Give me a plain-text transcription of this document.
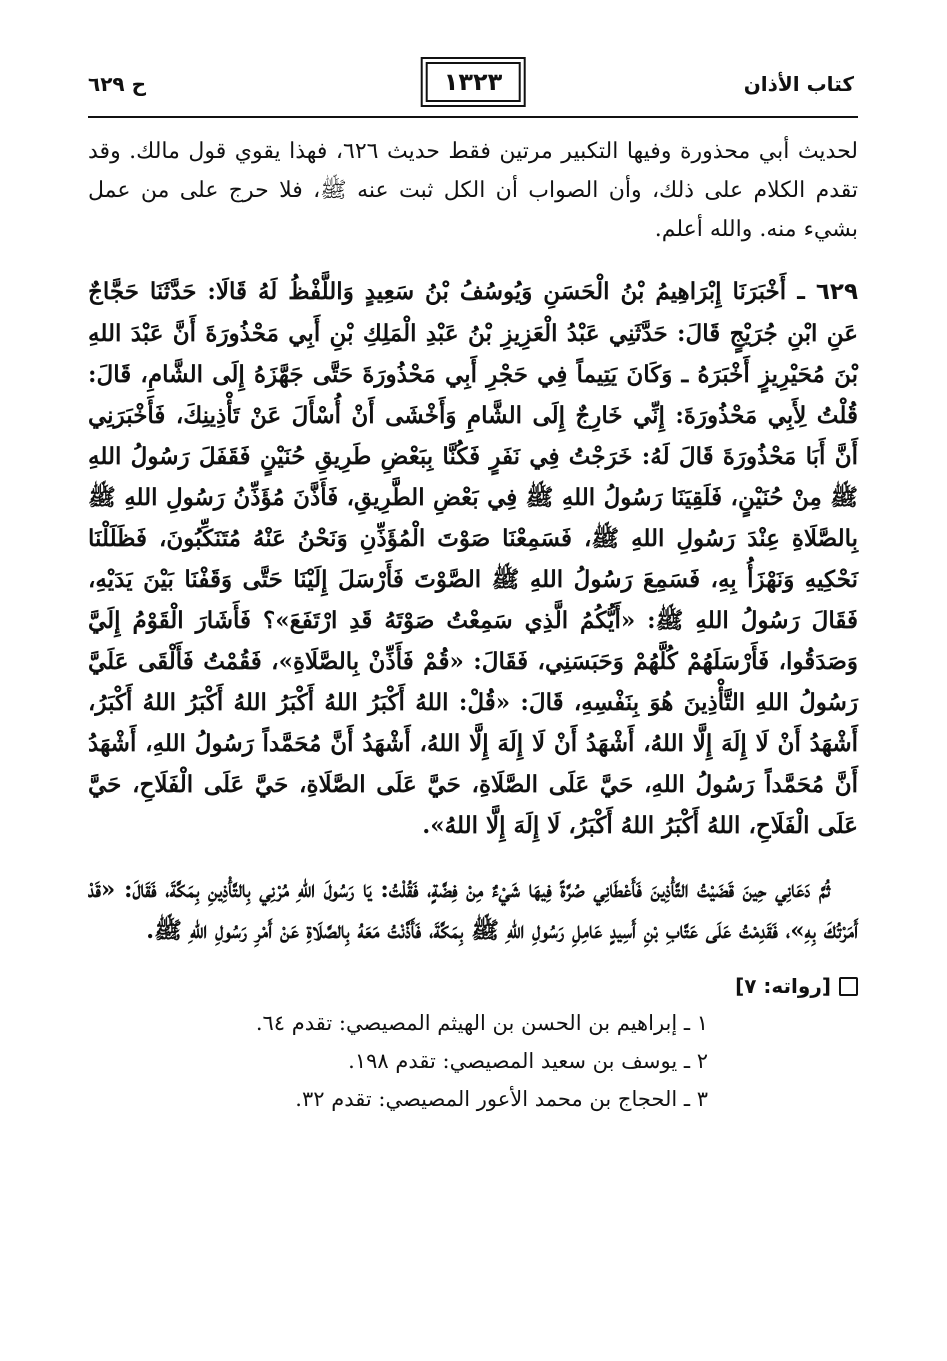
كتاب الأذان
١٣٢٣
ح ٦٢٩

لحديث أبي محذورة وفيها التكبير مرتين فقط حديث ٦٢٦، فهذا يقوي قول مالك. وقد تقدم الكلام على ذلك، وأن الصواب أن الكل ثبت عنه ﷺ، فلا حرج على من عمل بشيء منه. والله أعلم.

٦٢٩ ـ أَخْبَرَنَا إِبْرَاهِيمُ بْنُ الْحَسَنِ وَيُوسُفُ بْنُ سَعِيدٍ وَاللَّفْظُ لَهُ قَالَا: حَدَّثَنَا حَجَّاجٌ عَنِ ابْنِ جُرَيْجٍ قَالَ: حَدَّثَنِي عَبْدُ الْعَزِيزِ بْنُ عَبْدِ الْمَلِكِ بْنِ أَبِي مَحْذُورَةَ أَنَّ عَبْدَ اللهِ بْنَ مُحَيْرِيزٍ أَخْبَرَهُ ـ وَكَانَ يَتِيماً فِي حَجْرِ أَبِي مَحْذُورَةَ حَتَّى جَهَّزَهُ إِلَى الشَّامِ، قَالَ: قُلْتُ لِأَبِي مَحْذُورَةَ: إِنِّي خَارِجٌ إِلَى الشَّامِ وَأَخْشَى أَنْ أُسْأَلَ عَنْ تَأْذِينِكَ، فَأَخْبَرَنِي أَنَّ أَبَا مَحْذُورَةَ قَالَ لَهُ: خَرَجْتُ فِي نَفَرٍ فَكُنَّا بِبَعْضِ طَرِيقِ حُنَيْنٍ فَقَفَلَ رَسُولُ اللهِ ﷺ مِنْ حُنَيْنٍ، فَلَقِيَنَا رَسُولُ اللهِ ﷺ فِي بَعْضِ الطَّرِيقِ، فَأَذَّنَ مُؤَذِّنُ رَسُولِ اللهِ ﷺ بِالصَّلَاةِ عِنْدَ رَسُولِ اللهِ ﷺ، فَسَمِعْنَا صَوْتَ الْمُؤَذِّنِ وَنَحْنُ عَنْهُ مُتَنَكِّبُونَ، فَظَلَلْنَا نَحْكِيهِ وَنَهْزَأُ بِهِ، فَسَمِعَ رَسُولُ اللهِ ﷺ الصَّوْتَ فَأَرْسَلَ إِلَيْنَا حَتَّى وَقَفْنَا بَيْنَ يَدَيْهِ، فَقَالَ رَسُولُ اللهِ ﷺ: «أَيُّكُمُ الَّذِي سَمِعْتُ صَوْتَهُ قَدِ ارْتَفَعَ»؟ فَأَشَارَ الْقَوْمُ إِلَيَّ وَصَدَقُوا، فَأَرْسَلَهُمْ كُلَّهُمْ وَحَبَسَنِي، فَقَالَ: «قُمْ فَأَذِّنْ بِالصَّلَاةِ»، فَقُمْتُ فَأَلْقَى عَلَيَّ رَسُولُ اللهِ التَّأْذِينَ هُوَ بِنَفْسِهِ، قَالَ: «قُلْ: اللهُ أَكْبَرُ اللهُ أَكْبَرُ اللهُ أَكْبَرُ اللهُ أَكْبَرُ، أَشْهَدُ أَنْ لَا إِلَهَ إِلَّا اللهُ، أَشْهَدُ أَنْ لَا إِلَهَ إِلَّا اللهُ، أَشْهَدُ أَنَّ مُحَمَّداً رَسُولُ اللهِ، أَشْهَدُ أَنَّ مُحَمَّداً رَسُولُ اللهِ، حَيَّ عَلَى الصَّلَاةِ، حَيَّ عَلَى الصَّلَاةِ، حَيَّ عَلَى الْفَلَاحِ، حَيَّ عَلَى الْفَلَاحِ، اللهُ أَكْبَرُ اللهُ أَكْبَرُ، لَا إِلَهَ إِلَّا اللهُ».

ثُمَّ دَعَانِي حِينَ قَضَيْتُ التَّأْذِينَ فَأَعْطَانِي صُرَّةً فِيهَا شَيْءٌ مِنْ فِضَّةٍ، فَقُلْتُ: يَا رَسُولَ اللهِ مُرْنِي بِالتَّأْذِينِ بِمَكَّةَ، فَقَالَ: «قَدْ أَمَرْتُكَ بِهِ»، فَقَدِمْتُ عَلَى عَتَّابِ بْنِ أَسِيدٍ عَامِلِ رَسُولِ اللهِ ﷺ بِمَكَّةَ، فَأَذَّنْتُ مَعَهُ بِالصَّلَاةِ عَنْ أَمْرِ رَسُولِ اللهِ ﷺ.

[رواته: ٧]
١ ـ إبراهيم بن الحسن بن الهيثم المصيصي: تقدم ٦٤.
٢ ـ يوسف بن سعيد المصيصي: تقدم ١٩٨.
٣ ـ الحجاج بن محمد الأعور المصيصي: تقدم ٣٢.
